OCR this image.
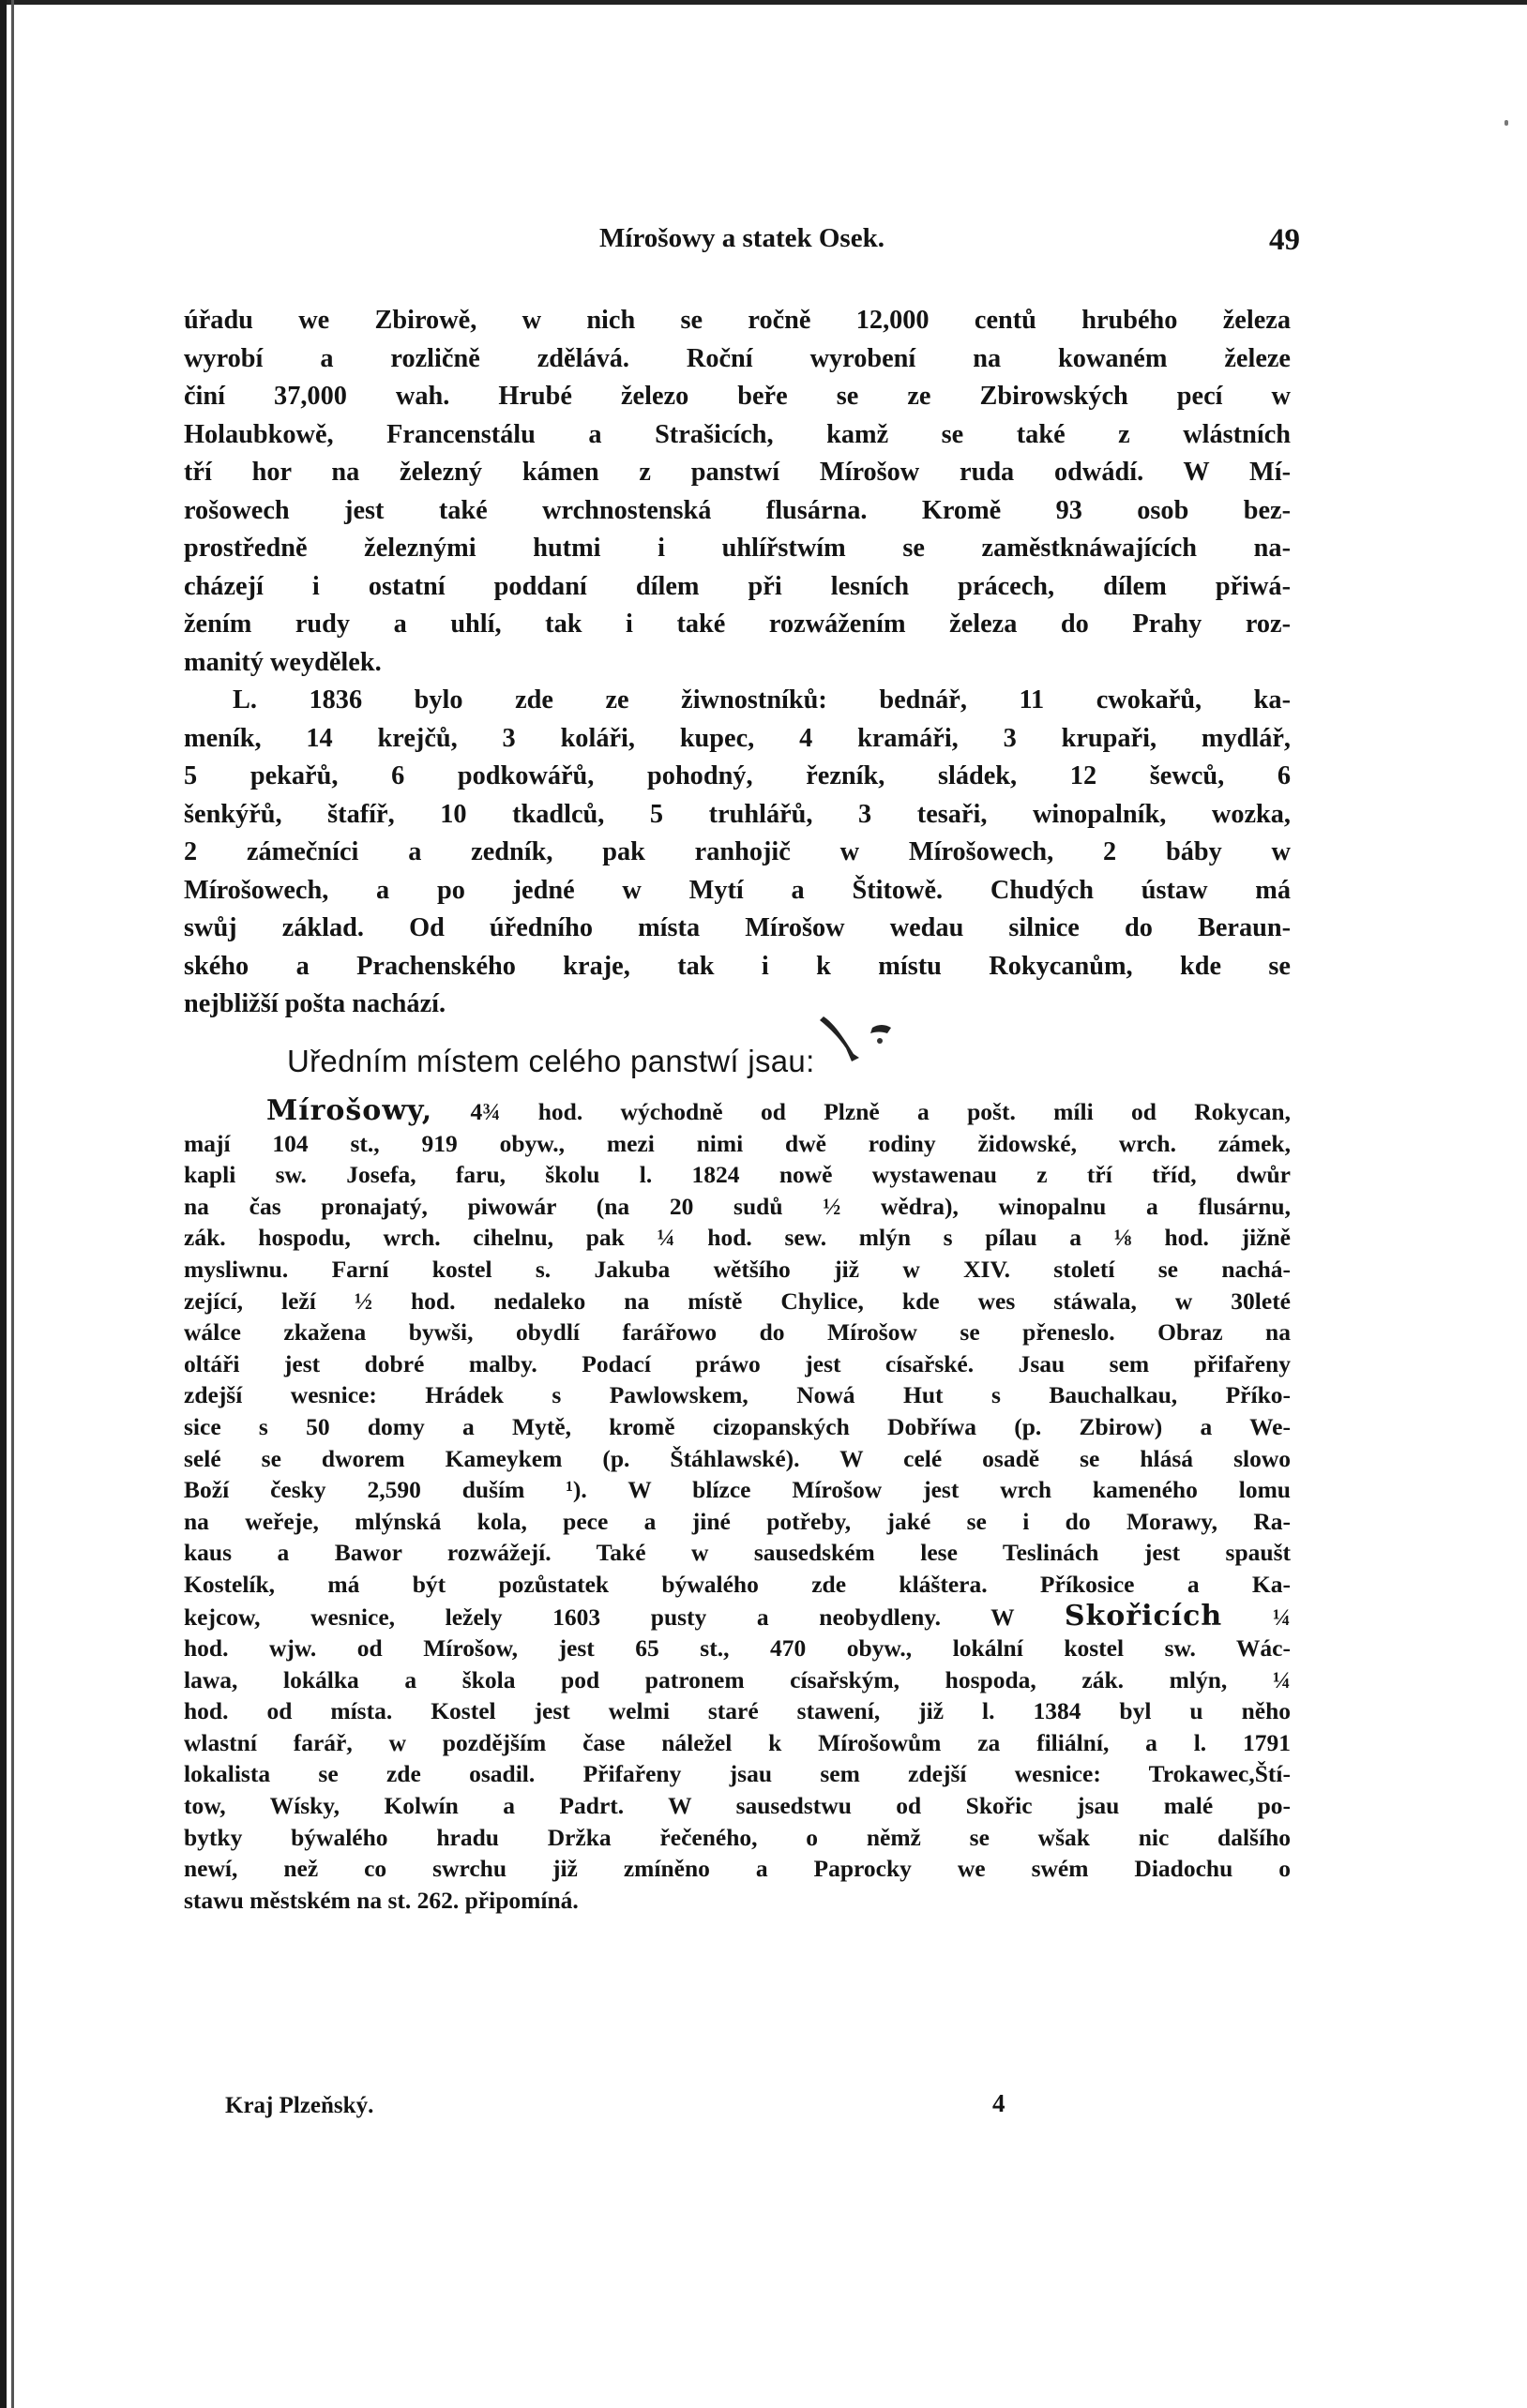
Mírošowy a statek Osek.	49
úřadu we Zbirowě, w nich se ročně 12,000 centů hrubého železa
wyrobí a rozličně zdělává. Roční wyrobení na kowaném železe
činí 37,000 wah. Hrubé železo beře se ze Zbirowských pecí w
Holaubkowě, Francenstálu a Strašicích, kamž se také z wlástních
tří hor na železný kámen z panstwí Mírošow ruda odwádí. W Mí-
rošowech jest také wrchnostenská flusárna. Kromě 93 osob bez-
prostředně železnými hutmi i uhlířstwím se zaměstknáwajících na-
cházejí i ostatní poddaní dílem při lesních prácech, dílem přiwá-
žením rudy a uhlí, tak i také rozwážením železa do Prahy roz-
manitý weydělek.
L. 1836 bylo zde ze žiwnostníků: bednář, 11 cwokařů, ka-
meník, 14 krejčů, 3 koláři, kupec, 4 kramáři, 3 krupaři, mydlář,
5 pekařů, 6 podkowářů, pohodný, řezník, sládek, 12 šewců, 6
šenkýřů, štafíř, 10 tkadlců, 5 truhlářů, 3 tesaři, winopalník, wozka,
2 zámečníci a zedník, pak ranhojič w Mírošowech, 2 báby w
Mírošowech, a po jedné w Mytí a Štitowě. Chudých ústaw má
swůj základ. Od úředního místa Mírošow wedau silnice do Beraun-
ského a Prachenského kraje, tak i k místu Rokycanům, kde se
nejbližší pošta nachází.
Uředním místem celého panstwí jsau:
Mírošowy, 4¾ hod. wýchodně od Plzně a pošt. míli od Rokycan,
mají 104 st., 919 obyw., mezi nimi dwě rodiny židowské, wrch. zámek,
kapli sw. Josefa, faru, školu l. 1824 nowě wystawenau z tří tříd, dwůr
na čas pronajatý, piwowár (na 20 sudů ½ wědra), winopalnu a flusárnu,
zák. hospodu, wrch. cihelnu, pak ¼ hod. sew. mlýn s pílau a ⅛ hod. jižně
mysliwnu. Farní kostel s. Jakuba wětšího již w XIV. století se nachá-
zející, leží ½ hod. nedaleko na místě Chylice, kde wes stáwala, w 30leté
wálce zkažena bywši, obydlí farářowo do Mírošow se přeneslo. Obraz na
oltáři jest dobré malby. Podací práwo jest císařské. Jsau sem přifařeny
zdejší wesnice: Hrádek s Pawlowskem, Nowá Hut s Bauchalkau, Příko-
sice s 50 domy a Mytě, kromě cizopanských Dobříwa (p. Zbirow) a We-
selé se dworem Kameykem (p. Štáhlawské). W celé osadě se hlásá slowo
Boží česky 2,590 duším ¹). W blízce Mírošow jest wrch kameného lomu
na weřeje, mlýnská kola, pece a jiné potřeby, jaké se i do Morawy, Ra-
kaus a Bawor rozwážejí. Také w sausedském lese Teslinách jest spaušt
Kostelík, má být pozůstatek býwalého zde kláštera. Příkosice a Ka-
kejcow, wesnice, ležely 1603 pusty a neobydleny. W Skořicích ¼
hod. wjw. od Mírošow, jest 65 st., 470 obyw., lokální kostel sw. Wác-
lawa, lokálka a škola pod patronem císařským, hospoda, zák. mlýn, ¼
hod. od místa. Kostel jest welmi staré stawení, již l. 1384 byl u něho
wlastní farář, w pozdějším čase náležel k Mírošowům za filiální, a l. 1791
lokalista se zde osadil. Přifařeny jsau sem zdejší wesnice: Trokawec,Ští-
tow, Wísky, Kolwín a Padrt. W sausedstwu od Skořic jsau malé po-
bytky býwalého hradu Držka řečeného, o němž se wšak nic dalšího
newí, než co swrchu již zmíněno a Paprocky we swém Diadochu o
stawu městském na st. 262. připomíná.
Kraj Plzeňský.	4
